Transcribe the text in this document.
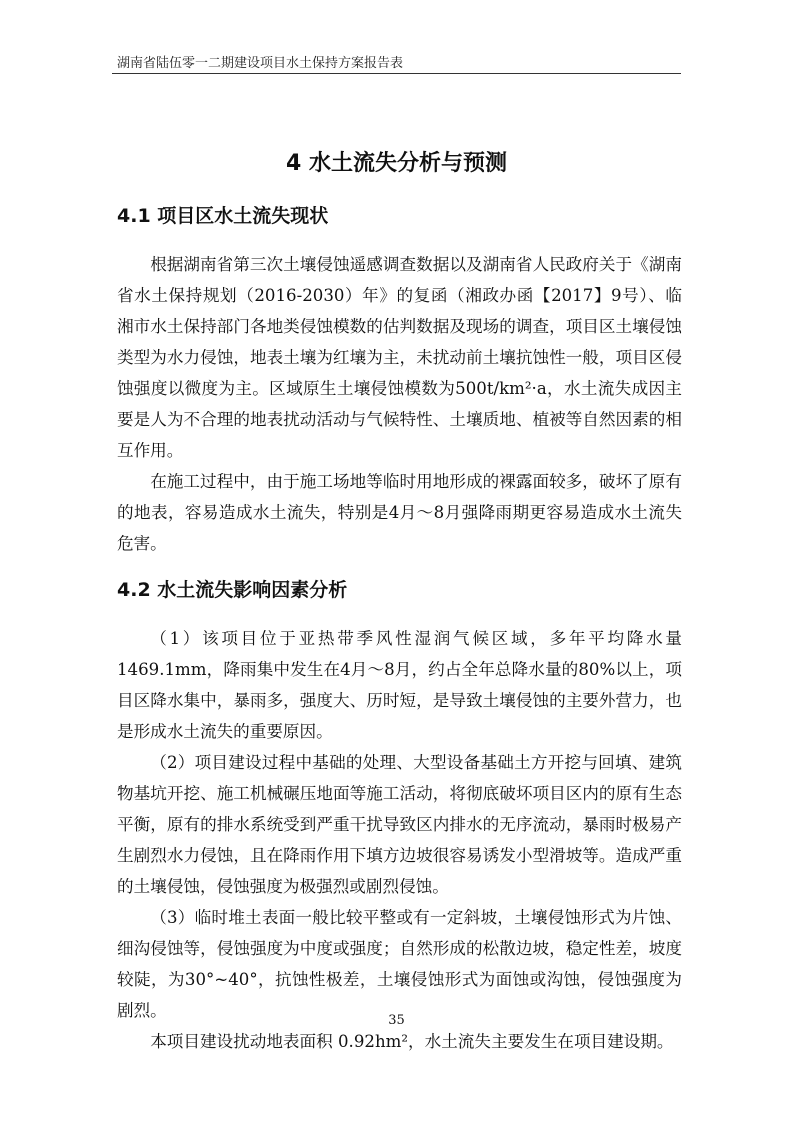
湖南省陆伍零一二期建设项目水土保持方案报告表
4 水土流失分析与预测
4.1 项目区水土流失现状

根据湖南省第三次土壤侵蚀遥感调查数据以及湖南省人民政府关于《湖南省水土保持规划（2016-2030）年》的复函（湘政办函【2017】9号）、临湘市水土保持部门各地类侵蚀模数的估判数据及现场的调查，项目区土壤侵蚀类型为水力侵蚀，地表土壤为红壤为主，未扰动前土壤抗蚀性一般，项目区侵蚀强度以微度为主。区域原生土壤侵蚀模数为500t/km²·a，水土流失成因主要是人为不合理的地表扰动活动与气候特性、土壤质地、植被等自然因素的相互作用。

在施工过程中，由于施工场地等临时用地形成的裸露面较多，破坏了原有的地表，容易造成水土流失，特别是4月～8月强降雨期更容易造成水土流失危害。

4.2 水土流失影响因素分析

（1）该项目位于亚热带季风性湿润气候区域，多年平均降水量 1469.1mm，降雨集中发生在4月～8月，约占全年总降水量的80%以上，项目区降水集中，暴雨多，强度大、历时短，是导致土壤侵蚀的主要外营力，也是形成水土流失的重要原因。

（2）项目建设过程中基础的处理、大型设备基础土方开挖与回填、建筑物基坑开挖、施工机械碾压地面等施工活动，将彻底破坏项目区内的原有生态平衡，原有的排水系统受到严重干扰导致区内排水的无序流动，暴雨时极易产生剧烈水力侵蚀，且在降雨作用下填方边坡很容易诱发小型滑坡等。造成严重的土壤侵蚀，侵蚀强度为极强烈或剧烈侵蚀。

（3）临时堆土表面一般比较平整或有一定斜坡，土壤侵蚀形式为片蚀、细沟侵蚀等，侵蚀强度为中度或强度；自然形成的松散边坡，稳定性差，坡度较陡，为30°~40°，抗蚀性极差，土壤侵蚀形式为面蚀或沟蚀，侵蚀强度为剧烈。

本项目建设扰动地表面积 0.92hm²，水土流失主要发生在项目建设期。

35
